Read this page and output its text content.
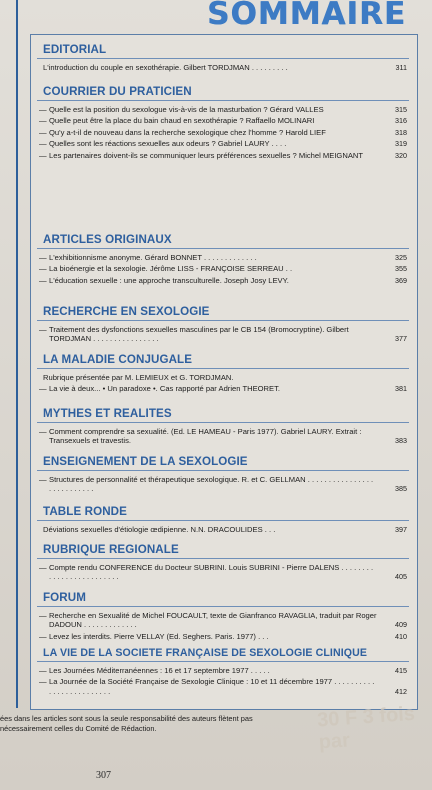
SOMMAIRE
EDITORIAL
L'introduction du couple en sexothérapie. Gilbert TORDJMAN . . . . . . . . .	311
COURRIER DU PRATICIEN
— Quelle est la position du sexologue vis-à-vis de la masturbation ? Gérard VALLES	315
— Quelle peut être la place du bain chaud en sexothérapie ? Raffaello MOLINARI	316
— Qu'y a-t-il de nouveau dans la recherche sexologique chez l'homme ? Harold LIEF	318
— Quelles sont les réactions sexuelles aux odeurs ? Gabriel LAURY . . . .	319
— Les partenaires doivent-ils se communiquer leurs préférences sexuelles ? Michel MEIGNANT	320
ARTICLES ORIGINAUX
— L'exhibitionnisme anonyme. Gérard BONNET . . . . . . . . . . . . .	325
— La bioénergie et la sexologie. Jérôme LISS - FRANÇOISE SERREAU . .	355
— L'éducation sexuelle : une approche transculturelle. Joseph Josy LEVY.	369
RECHERCHE EN SEXOLOGIE
— Traitement des dysfonctions sexuelles masculines par le CB 154 (Bromocryptine). Gilbert TORDJMAN . . . . . . . . . . . . . . . .	377
LA MALADIE CONJUGALE
Rubrique présentée par M. LEMIEUX et G. TORDJMAN.
— La vie à deux... • Un paradoxe •. Cas rapporté par Adrien THEORET.	381
MYTHES ET REALITES
— Comment comprendre sa sexualité. (Ed. LE HAMEAU - Paris 1977). Gabriel LAURY. Extrait : Transexuels et travestis.	383
ENSEIGNEMENT DE LA SEXOLOGIE
— Structures de personnalité et thérapeutique sexologique. R. et C. GELLMAN . . . . . . . . . . . . . . . . . . . . . . . . . . .	385
TABLE RONDE
Déviations sexuelles d'étiologie œdipienne. N.N. DRACOULIDES . . .	397
RUBRIQUE REGIONALE
— Compte rendu CONFERENCE du Docteur SUBRINI. Louis SUBRINI - Pierre DALENS . . . . . . . . . . . . . . . . . . . . . . . . .	405
FORUM
— Recherche en Sexualité de Michel FOUCAULT, texte de Gianfranco RAVAGLIA, traduit par Roger DADOUN . . . . . . . . . . . . .	409
— Levez les interdits. Pierre VELLAY (Ed. Seghers. Paris. 1977) . . .	410
LA VIE DE LA SOCIETE FRANÇAISE DE SEXOLOGIE CLINIQUE
— Les Journées Méditerranéennes : 16 et 17 septembre 1977 . . . . .	415
— La Journée de la Société Française de Sexologie Clinique : 10 et 11 décembre 1977 . . . . . . . . . . . . . . . . . . . . . . . . .	412
ées dans les articles sont sous la seule responsabilité des auteurs flètent pas nécessairement celles du Comité de Rédaction.	30 F 3 fois par
307
